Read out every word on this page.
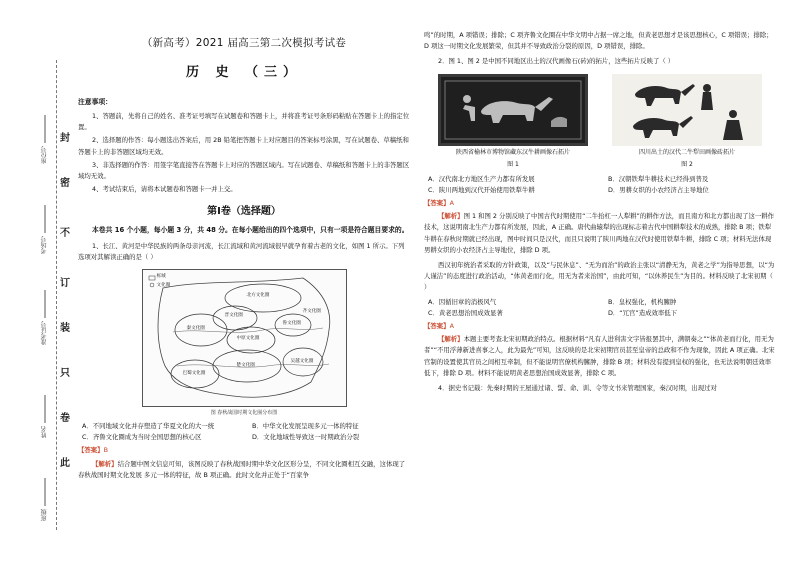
封
密
不
订
装
只
卷
此
座位号
考场号
准考证号
姓名
班级
（新高考）2021 届高三第二次模拟考试卷
历 史 （三）
注意事项：

1、答题前，先将自己的姓名、准考证号填写在试题卷和答题卡上，并将准考证号条形码粘贴在答题卡上的指定位置。

2、选择题的作答：每小题选出答案后，用 2B 铅笔把答题卡上对应题目的答案标号涂黑，写在试题卷、草稿纸和答题卡上的非答题区域均无效。

3、非选择题的作答：用签字笔直接答在答题卡上对应的答题区域内。写在试题卷、草稿纸和答题卡上的非答题区域均无效。

4、考试结束后，请将本试题卷和答题卡一并上交。

第Ⅰ卷（选择题）
本卷共 16 个小题，每小题 3 分，共 48 分。在每小题给出的四个选项中，只有一项是符合题目要求的。
1、长江、黄河是中华民族的两条母亲河流，长江流域和黄河流域很早就孕育着古老的文化，如图 1 所示。下列选项对其解读正确的是（ ）
栎城
文化圈
北方文化圈
晋文化圈
秦文化圈
鲁文化圈
中原文化圈
楚文化圈
吴越文化圈
巴蜀文化圈
齐文化圈
图 春秋战国时期文化圈分布图
A．不同地域文化并存塑造了华夏文化的大一统	B．中华文化发展呈现多元一体的特征
C．齐鲁文化圈成为当时全国思想的核心区	D．文化地域性导致这一时期政治分裂
【答案】B
【解析】结合题中图文信息可知，该图反映了春秋战国时期中华文化区形分呈，不同文化圈相互交融，这体现了春秋战国时期文化发展 多元一体的特征，故 B 项正确。此时文化并正处于“百家争
鸣”的时期，A 项错误；排除；C 项齐鲁文化圈在中华文明中占据一席之地，但黄老思想才是该思想核心，C 项错误；排除；D 项这一时期文化发展繁荣，但其并不导致政治分裂的原因，D 项错误，排除。
2．图 1、图 2 是中国不同地区出土的汉代画像石(砖)的拓片，这些拓片反映了（ ）
陕西省榆林市博物馆藏东汉牛耕画像石拓片
图 1
四川出土的汉代二牛犁田画像砖拓片
图 2
A．汉代南北方地区生产力都有所发展	B．汉朝铁犁牛耕技术已经得到普及
C．陕川两地到汉代开始使用铁犁牛耕	D．男耕女织的小农经济占主导地位
【答案】A
【解析】图 1 和图 2 分别反映了中国古代时期使用“二牛抬杠一人犁耕”的耕作方法，而且南方和北方都出现了这一耕作技术，这说明南北生产力都有所发展，因此，A 正确。唐代曲辕犁的出现标志着古代中国耕犁技术的成熟，排除 B 项；铁犁牛耕在春秋时期就已经出现，图中时间只是汉代，而且只说明了陕川两地在汉代时使用铁犁牛耕，排除 C 项；材料无法体现男耕女织的小农经济占主导地位，排除 D 项。
西汉初年统治者采取的方针政策，以及“与民休息”、“无为而治”的政治主张以“清静无为，黄老之学”为指导思想，以“为人谨洁”的态度进行政治活动，“体黄老而行化，用无为者来治国”，由此可知，“以休养民生”为目的。材料反映了北宋初期（ ）
A．因循旧章的消极风气	B．皇权强化，机构臃肿
C．黄老思想治国成效显著	D．“冗官”造成效率低下
【答案】A
【解析】本题主要考查北宋初期政治特点。根据材料“凡有人进利害文字皆报罢其中，满朝奏之”“体黄老而行化，用无为者”“不用浮薄新进喜事之人，此为最先”可知，这反映的是北宋初期官员甚至皇帝的总政和不作为现象，因此 A 项正确。北宋官制的设置使其官员之间相互牵制，但不能说明官僚机构臃肿，排除 B 项；材料没有提到皇权的强化，也无法说明朝廷效率低下，排除 D 项。材料不能说明黄老思想治国成效显著，排除 C 项。
4．据史书记载：先秦时期的王屋通过诸、誓、命、训、令等文书来管理国家，秦汉时期，出现过对
